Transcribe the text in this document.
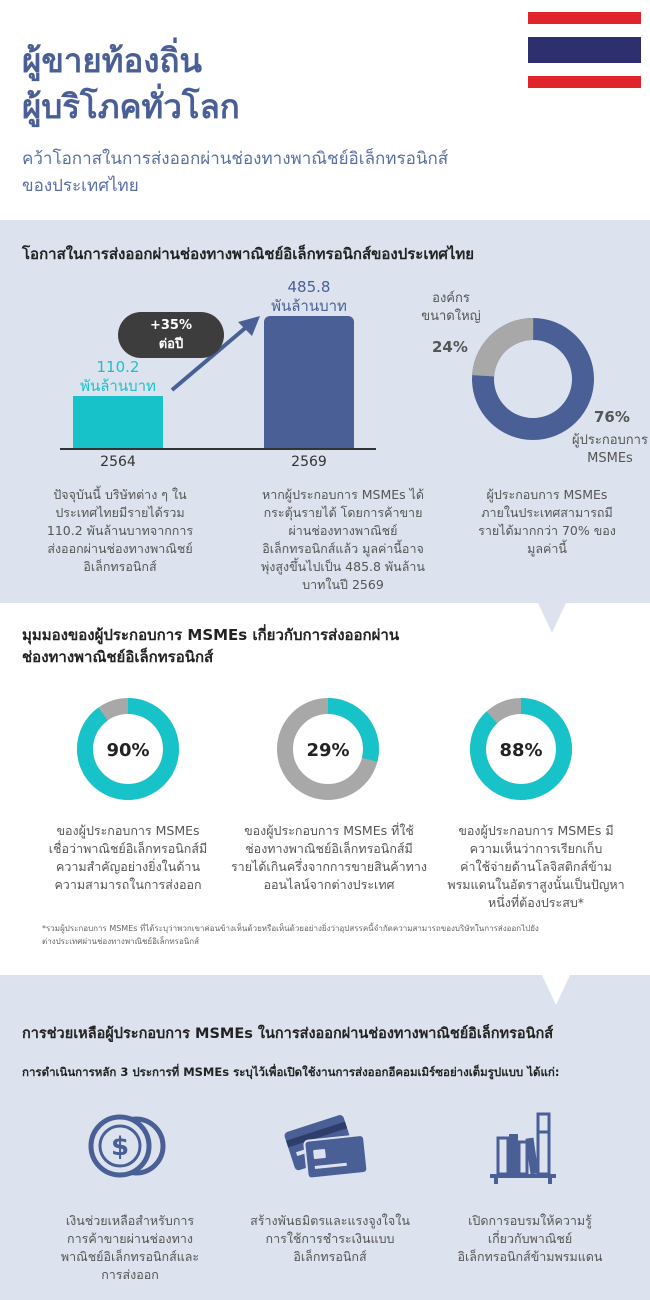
ผู้ขายท้องถิ่น
ผู้บริโภคทั่วโลก
คว้าโอกาสในการส่งออกผ่านช่องทางพาณิชย์อิเล็กทรอนิกส์
ของประเทศไทย
โอกาสในการส่งออกผ่านช่องทางพาณิชย์อิเล็กทรอนิกส์ของประเทศไทย
110.2
พันล้านบาท
485.8
พันล้านบาท
+35%
ต่อปี
2564	2569
องค์กร
ขนาดใหญ่
24%
76%
ผู้ประกอบการ
MSMEs
ปัจจุบันนี้ บริษัทต่าง ๆ ใน
ประเทศไทยมีรายได้รวม
110.2 พันล้านบาทจากการ
ส่งออกผ่านช่องทางพาณิชย์
อิเล็กทรอนิกส์
หากผู้ประกอบการ MSMEs ได้
กระตุ้นรายได้ โดยการค้าขาย
ผ่านช่องทางพาณิชย์
อิเล็กทรอนิกส์แล้ว มูลค่านี้อาจ
พุ่งสูงขึ้นไปเป็น 485.8 พันล้าน
บาทในปี 2569
ผู้ประกอบการ MSMEs
ภายในประเทศสามารถมี
รายได้มากกว่า 70% ของ
มูลค่านี้
มุมมองของผู้ประกอบการ MSMEs เกี่ยวกับการส่งออกผ่าน
ช่องทางพาณิชย์อิเล็กทรอนิกส์
90%	29%	88%
ของผู้ประกอบการ MSMEs
เชื่อว่าพาณิชย์อิเล็กทรอนิกส์มี
ความสำคัญอย่างยิ่งในด้าน
ความสามารถในการส่งออก
ของผู้ประกอบการ MSMEs ที่ใช้
ช่องทางพาณิชย์อิเล็กทรอนิกส์มี
รายได้เกินครึ่งจากการขายสินค้าทาง
ออนไลน์จากต่างประเทศ
ของผู้ประกอบการ MSMEs มี
ความเห็นว่าการเรียกเก็บ
ค่าใช้จ่ายด้านโลจิสติกส์ข้าม
พรมแดนในอัตราสูงนั้นเป็นปัญหา
หนึ่งที่ต้องประสบ*
*รวมผู้ประกอบการ MSMEs ที่ได้ระบุว่าพวกเขาค่อนข้างเห็นด้วยหรือเห็นด้วยอย่างยิ่งว่าอุปสรรคนี้จำกัดความสามารถของบริษัทในการส่งออกไปยัง
ต่างประเทศผ่านช่องทางพาณิชย์อิเล็กทรอนิกส์
การช่วยเหลือผู้ประกอบการ MSMEs ในการส่งออกผ่านช่องทางพาณิชย์อิเล็กทรอนิกส์
การดำเนินการหลัก 3 ประการที่ MSMEs ระบุไว้เพื่อเปิดใช้งานการส่งออกอีคอมเมิร์ซอย่างเต็มรูปแบบ ได้แก่:
$
เงินช่วยเหลือสำหรับการ
การค้าขายผ่านช่องทาง
พาณิชย์อิเล็กทรอนิกส์และ
การส่งออก
สร้างพันธมิตรและแรงจูงใจใน
การใช้การชำระเงินแบบ
อิเล็กทรอนิกส์
เปิดการอบรมให้ความรู้
เกี่ยวกับพาณิชย์
อิเล็กทรอนิกส์ข้ามพรมแดน
